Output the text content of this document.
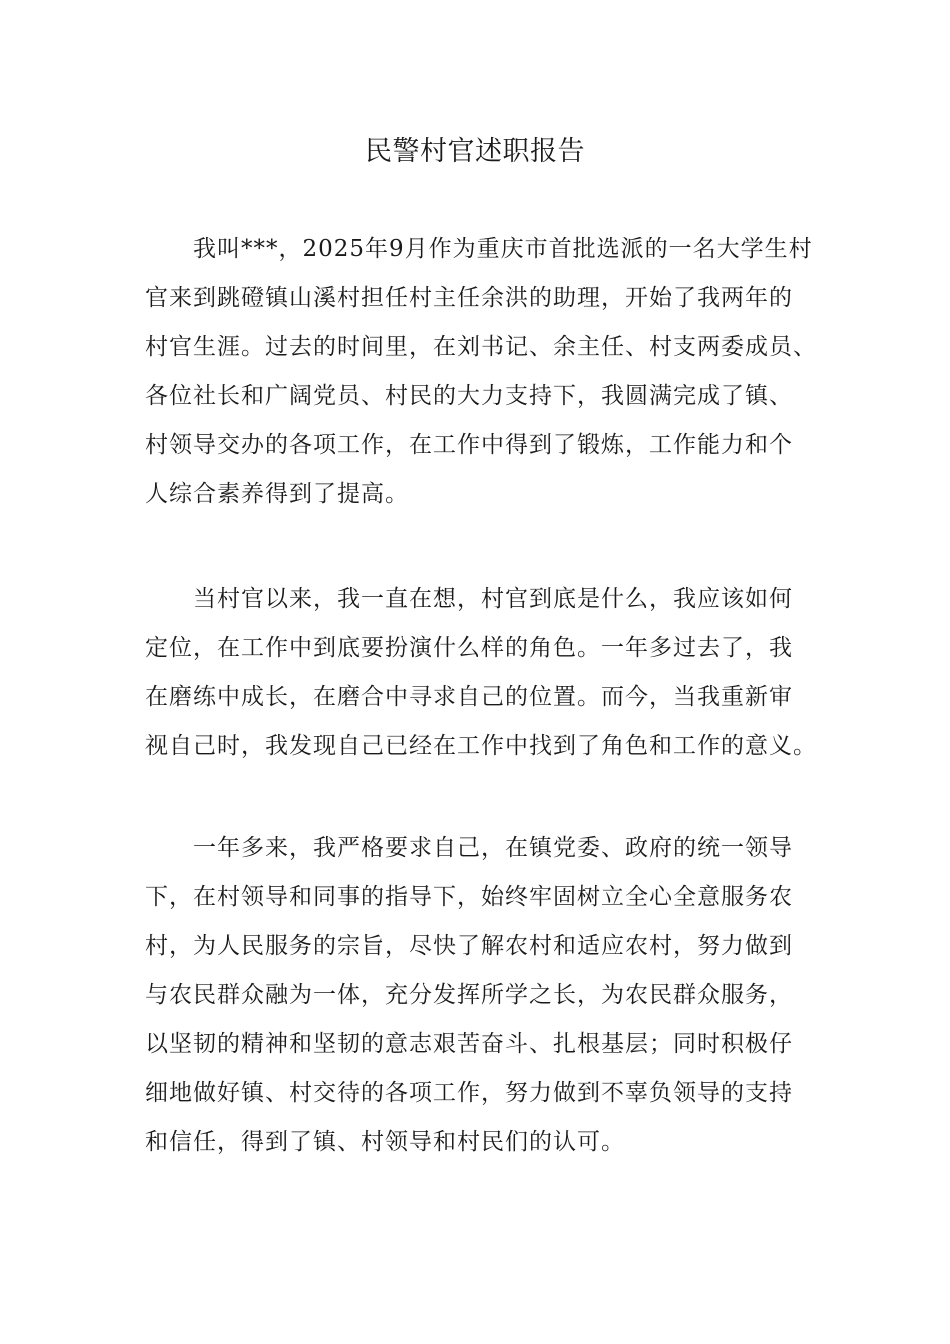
民警村官述职报告
我叫***，2025年9月作为重庆市首批选派的一名大学生村
官来到跳磴镇山溪村担任村主任余洪的助理，开始了我两年的
村官生涯。过去的时间里，在刘书记、余主任、村支两委成员、
各位社长和广阔党员、村民的大力支持下，我圆满完成了镇、
村领导交办的各项工作，在工作中得到了锻炼，工作能力和个
人综合素养得到了提高。
当村官以来，我一直在想，村官到底是什么，我应该如何
定位，在工作中到底要扮演什么样的角色。一年多过去了，我
在磨练中成长，在磨合中寻求自己的位置。而今，当我重新审
视自己时，我发现自己已经在工作中找到了角色和工作的意义。
一年多来，我严格要求自己，在镇党委、政府的统一领导
下，在村领导和同事的指导下，始终牢固树立全心全意服务农
村，为人民服务的宗旨，尽快了解农村和适应农村，努力做到
与农民群众融为一体，充分发挥所学之长，为农民群众服务，
以坚韧的精神和坚韧的意志艰苦奋斗、扎根基层；同时积极仔
细地做好镇、村交待的各项工作，努力做到不辜负领导的支持
和信任，得到了镇、村领导和村民们的认可。
